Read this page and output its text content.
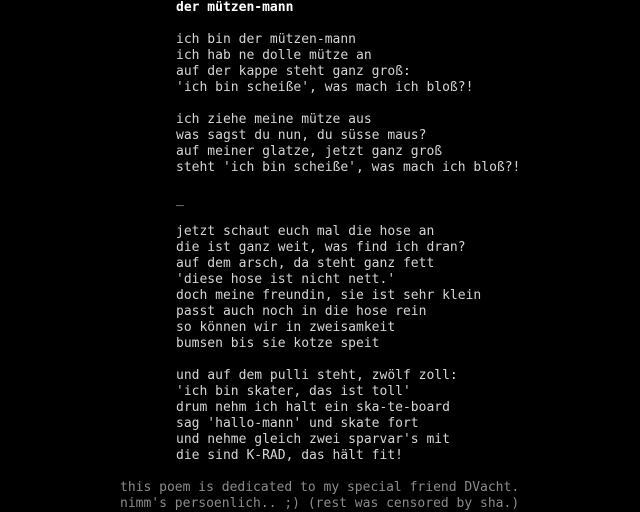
der mützen-mann
ich bin der mützen-mann
ich hab ne dolle mütze an
auf der kappe steht ganz groß:
'ich bin scheiße', was mach ich bloß?!
ich ziehe meine mütze aus
was sagst du nun, du süsse maus?
auf meiner glatze, jetzt ganz groß
steht 'ich bin scheiße', was mach ich bloß?!
_
jetzt schaut euch mal die hose an
die ist ganz weit, was find ich dran?
auf dem arsch, da steht ganz fett
'diese hose ist nicht nett.'
doch meine freundin, sie ist sehr klein
passt auch noch in die hose rein
so können wir in zweisamkeit
bumsen bis sie kotze speit
und auf dem pulli steht, zwölf zoll:
'ich bin skater, das ist toll'
drum nehm ich halt ein ska-te-board
sag 'hallo-mann' und skate fort
und nehme gleich zwei sparvar's mit
die sind K-RAD, das hält fit!
this poem is dedicated to my special friend DVacht.
nimm's persoenlich.. ;) (rest was censored by sha.)
